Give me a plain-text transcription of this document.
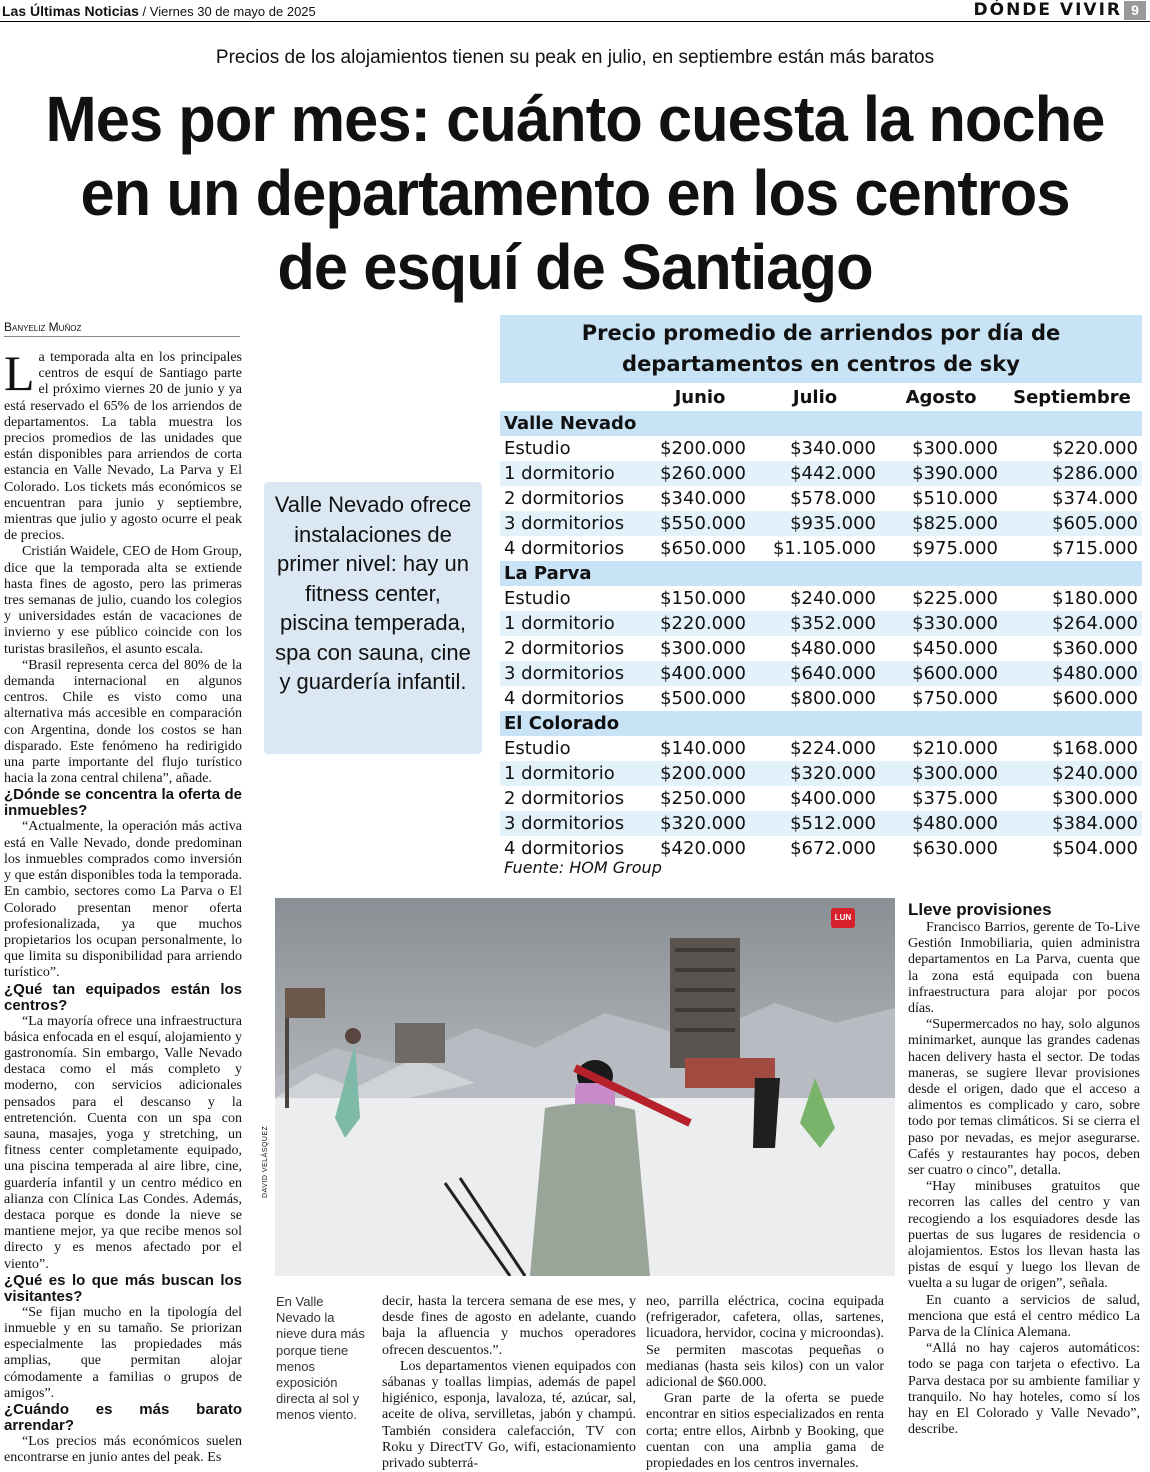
Las Últimas Noticias / Viernes 30 de mayo de 2025	DÓNDE VIVIR 9
Precios de los alojamientos tienen su peak en julio, en septiembre están más baratos
Mes por mes: cuánto cuesta la noche
en un departamento en los centros
de esquí de Santiago
Banyeliz Muñoz

La temporada alta en los principales centros de esquí de Santiago parte el próximo viernes 20 de junio y ya está reservado el 65% de los arriendos de departamentos. La tabla muestra los precios promedios de las unidades que están disponibles para arriendos de corta estancia en Valle Nevado, La Parva y El Colorado. Los tickets más económicos se encuentran para junio y septiembre, mientras que julio y agosto ocurre el peak de precios.

Cristián Waidele, CEO de Hom Group, dice que la temporada alta se extiende hasta fines de agosto, pero las primeras tres semanas de julio, cuando los colegios y universidades están de vacaciones de invierno y ese público coincide con los turistas brasileños, el asunto escala.

“Brasil representa cerca del 80% de la demanda internacional en algunos centros. Chile es visto como una alternativa más accesible en comparación con Argentina, donde los costos se han disparado. Este fenómeno ha redirigido una parte importante del flujo turístico hacia la zona central chilena”, añade.

¿Dónde se concentra la oferta de inmuebles?

“Actualmente, la operación más activa está en Valle Nevado, donde predominan los inmuebles comprados como inversión y que están disponibles toda la temporada. En cambio, sectores como La Parva o El Colorado presentan menor oferta profesionalizada, ya que muchos propietarios los ocupan personalmente, lo que limita su disponibilidad para arriendo turístico”.

¿Qué tan equipados están los centros?

“La mayoría ofrece una infraestructura básica enfocada en el esquí, alojamiento y gastronomía. Sin embargo, Valle Nevado destaca como el más completo y moderno, con servicios adicionales pensados para el descanso y la entretención. Cuenta con un spa con sauna, masajes, yoga y stretching, un fitness center completamente equipado, una piscina temperada al aire libre, cine, guardería infantil y un centro médico en alianza con Clínica Las Condes. Además, destaca porque es donde la nieve se mantiene mejor, ya que recibe menos sol directo y es menos afectado por el viento”.

¿Qué es lo que más buscan los visitantes?

“Se fijan mucho en la tipología del inmueble y en su tamaño. Se priorizan especialmente las propiedades más amplias, que permitan alojar cómodamente a familias o grupos de amigos”.

¿Cuándo es más barato arrendar?

“Los precios más económicos suelen encontrarse en junio antes del peak. Es

Valle Nevado ofrece instalaciones de primer nivel: hay un fitness center, piscina temperada, spa con sauna, cine y guardería infantil.
Precio promedio de arriendos por día de
departamentos en centros de sky
	Junio	Julio	Agosto	Septiembre
Valle Nevado				
Estudio	$200.000	$340.000	$300.000	$220.000
1 dormitorio	$260.000	$442.000	$390.000	$286.000
2 dormitorios	$340.000	$578.000	$510.000	$374.000
3 dormitorios	$550.000	$935.000	$825.000	$605.000
4 dormitorios	$650.000	$1.105.000	$975.000	$715.000
La Parva				
Estudio	$150.000	$240.000	$225.000	$180.000
1 dormitorio	$220.000	$352.000	$330.000	$264.000
2 dormitorios	$300.000	$480.000	$450.000	$360.000
3 dormitorios	$400.000	$640.000	$600.000	$480.000
4 dormitorios	$500.000	$800.000	$750.000	$600.000
El Colorado				
Estudio	$140.000	$224.000	$210.000	$168.000
1 dormitorio	$200.000	$320.000	$300.000	$240.000
2 dormitorios	$250.000	$400.000	$375.000	$300.000
3 dormitorios	$320.000	$512.000	$480.000	$384.000
4 dormitorios	$420.000	$672.000	$630.000	$504.000
Fuente: HOM Group
LUN
DAVID VELÁSQUEZ
En Valle Nevado la nieve dura más porque tiene menos exposición directa al sol y menos viento.

decir, hasta la tercera semana de ese mes, y desde fines de agosto en adelante, cuando baja la afluencia y muchos operadores ofrecen descuentos.”.

Los departamentos vienen equipados con sábanas y toallas limpias, además de papel higiénico, esponja, lavaloza, té, azúcar, sal, aceite de oliva, servilletas, jabón y champú. También considera calefacción, TV con Roku y DirectTV Go, wifi, estacionamiento privado subterrá-

neo, parrilla eléctrica, cocina equipada (refrigerador, cafetera, ollas, sartenes, licuadora, hervidor, cocina y microondas). Se permiten mascotas pequeñas o medianas (hasta seis kilos) con un valor adicional de $60.000.

Gran parte de la oferta se puede encontrar en sitios especializados en renta corta; entre ellos, Airbnb y Booking, que cuentan con una amplia gama de propiedades en los centros invernales.

Lleve provisiones

Francisco Barrios, gerente de To-Live Gestión Inmobiliaria, quien administra departamentos en La Parva, cuenta que la zona está equipada con buena infraestructura para alojar por pocos días.

“Supermercados no hay, solo algunos minimarket, aunque las grandes cadenas hacen delivery hasta el sector. De todas maneras, se sugiere llevar provisiones desde el origen, dado que el acceso a alimentos es complicado y caro, sobre todo por temas climáticos. Si se cierra el paso por nevadas, es mejor asegurarse. Cafés y restaurantes hay pocos, deben ser cuatro o cinco”, detalla.

“Hay minibuses gratuitos que recorren las calles del centro y van recogiendo a los esquiadores desde las puertas de sus lugares de residencia o alojamientos. Estos los llevan hasta las pistas de esquí y luego los llevan de vuelta a su lugar de origen”, señala.

En cuanto a servicios de salud, menciona que está el centro médico La Parva de la Clínica Alemana.

“Allá no hay cajeros automáticos: todo se paga con tarjeta o efectivo. La Parva destaca por su ambiente familiar y tranquilo. No hay hoteles, como sí los hay en El Colorado y Valle Nevado”, describe.
